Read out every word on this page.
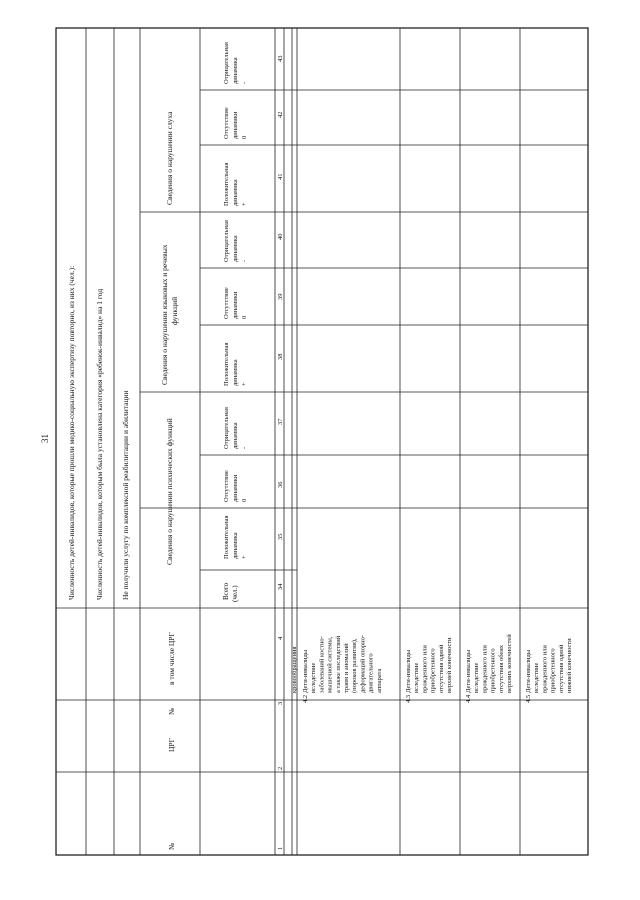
31 Численность детей-инвалидов, которые прошли медико-социальную экспертизу повторно, из них (чел.):	Численность детей-инвалидов, которым была установлена категория «ребенок-инвалид» на 1 год Не получили услугу по комплексной реабилитации и абилитации
№
ЦРГ
№
в том числе ЦРГ
Всего (чел.)
Сведения о нарушении психических функций
Сведения о нарушении языковых и речевых функций
Сведения о нарушении слуха
Положительная динамика +
Отсутствие динамики 0
Отрицательная динамика -
Положительная динамика +
Отсутствие динамики 0
Отрицательная динамика -
Положительная динамика +
Отсутствие динамики 0
Отрицательная динамика -
1
2
3
4
34
35
36
37
38
39
40
41
42
43
кровообращения
4.2
Дети-инвалиды вследствие заболеваний костно- мышечной системы, а также последствий травм и аномалий (пороков развития), деформаций опорно- двигательного аппарата
4.3
Дети-инвалиды вследствие врожденного или приобретенного отсутствия одной верхней конечности
4.4
Дети-инвалиды вследствие врожденного или приобретенного отсутствия обеих верхних конечностей
4.5
Дети-инвалиды вследствие врожденного или приобретенного отсутствия одной нижней конечности
